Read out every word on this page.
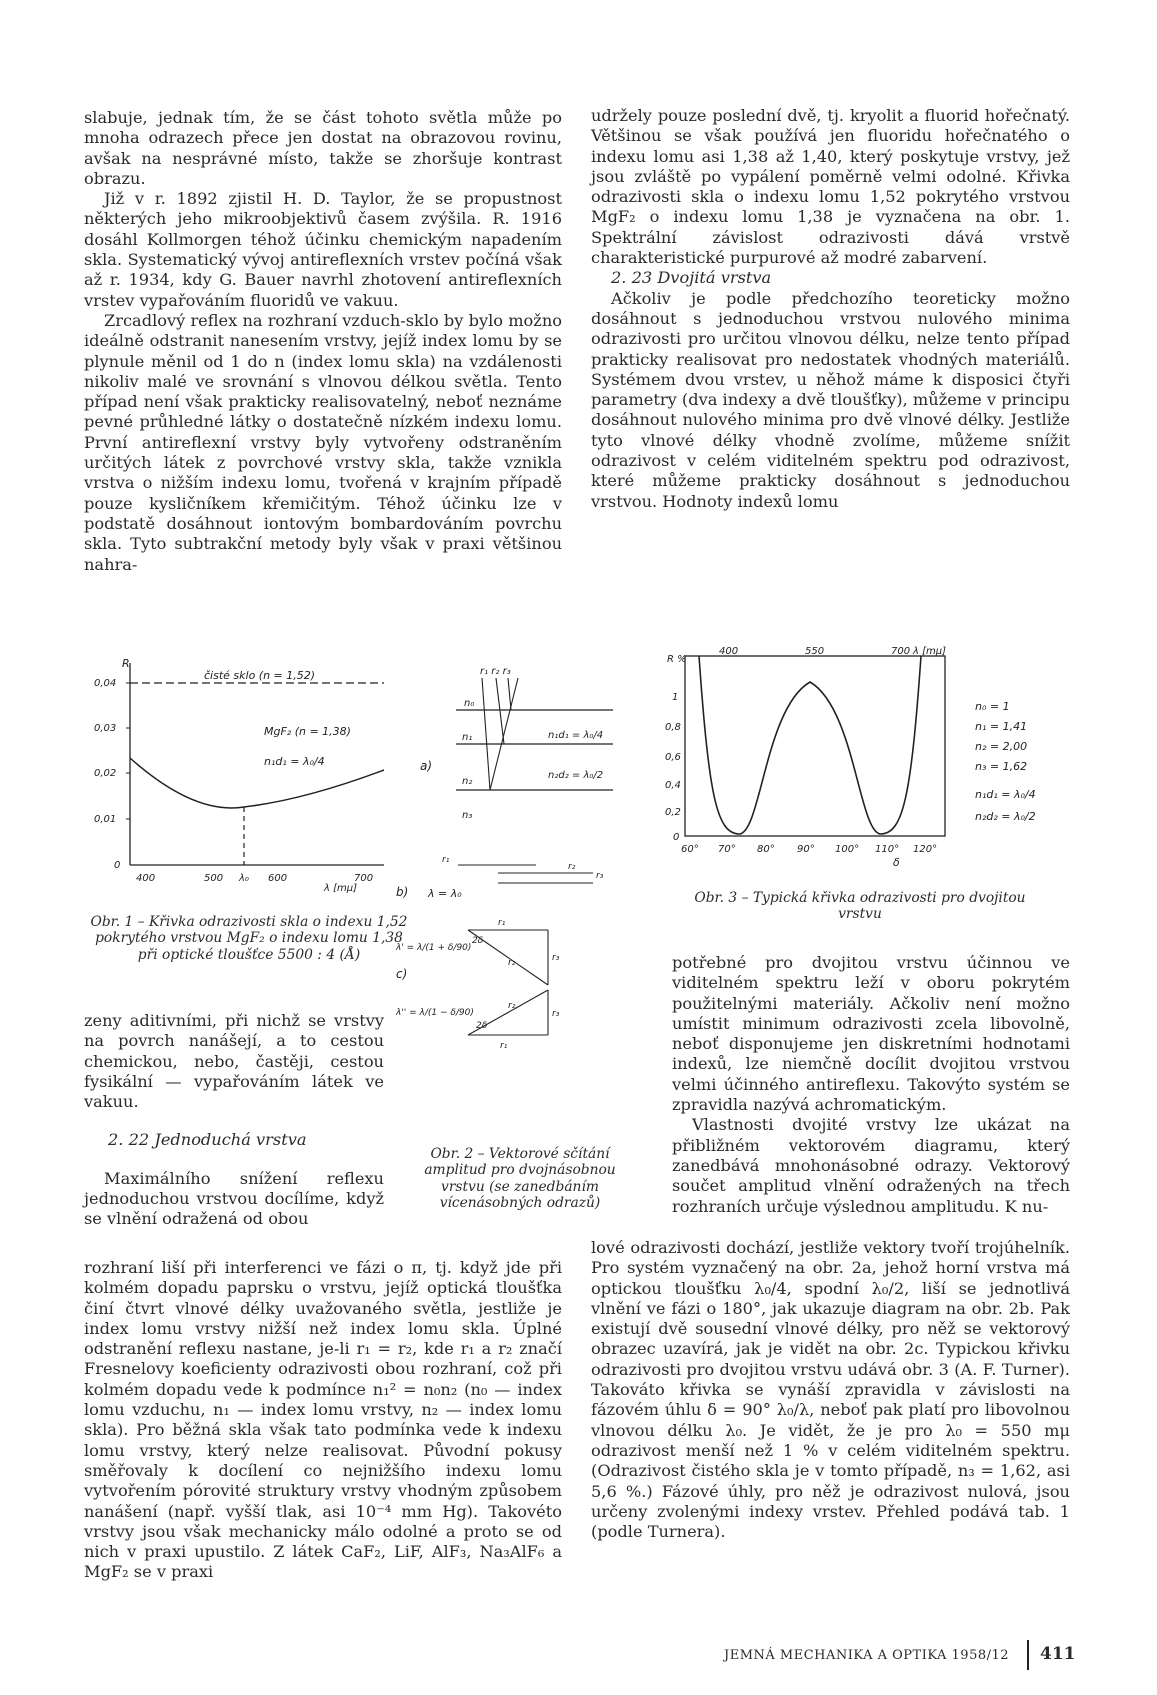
slabuje, jednak tím, že se část tohoto světla může po mnoha odrazech přece jen dostat na obrazovou rovinu, avšak na nesprávné místo, takže se zhoršuje kontrast obrazu.

Již v r. 1892 zjistil H. D. Taylor, že se propustnost některých jeho mikroobjektivů časem zvýšila. R. 1916 dosáhl Kollmorgen téhož účinku chemickým napadením skla. Systematický vývoj antireflexních vrstev počíná však až r. 1934, kdy G. Bauer navrhl zhotovení antireflexních vrstev vypařováním fluoridů ve vakuu.

Zrcadlový reflex na rozhraní vzduch-sklo by bylo možno ideálně odstranit nanesením vrstvy, jejíž index lomu by se plynule měnil od 1 do n (index lomu skla) na vzdálenosti nikoliv malé ve srovnání s vlnovou délkou světla. Tento případ není však prakticky realisovatelný, neboť neznáme pevné průhledné látky o dostatečně nízkém indexu lomu. První antireflexní vrstvy byly vytvořeny odstraněním určitých látek z povrchové vrstvy skla, takže vznikla vrstva o nižším indexu lomu, tvořená v krajním případě pouze kysličníkem křemičitým. Téhož účinku lze v podstatě dosáhnout iontovým bombardováním povrchu skla. Tyto subtrakční metody byly však v praxi většinou nahra-

udržely pouze poslední dvě, tj. kryolit a fluorid hořečnatý. Většinou se však používá jen fluoridu hořečnatého o indexu lomu asi 1,38 až 1,40, který poskytuje vrstvy, jež jsou zvláště po vypálení poměrně velmi odolné. Křivka odrazivosti skla o indexu lomu 1,52 pokrytého vrstvou MgF₂ o indexu lomu 1,38 je vyznačena na obr. 1. Spektrální závislost odrazivosti dává vrstvě charakteristické purpurové až modré zabarvení.

2. 23 Dvojitá vrstva

Ačkoliv je podle předchozího teoreticky možno dosáhnout s jednoduchou vrstvou nulového minima odrazivosti pro určitou vlnovou délku, nelze tento případ prakticky realisovat pro nedostatek vhodných materiálů. Systémem dvou vrstev, u něhož máme k disposici čtyři parametry (dva indexy a dvě tloušťky), můžeme v principu dosáhnout nulového minima pro dvě vlnové délky. Jestliže tyto vlnové délky vhodně zvolíme, můžeme snížit odrazivost v celém viditelném spektru pod odrazivost, které můžeme prakticky dosáhnout s jednoduchou vrstvou. Hodnoty indexů lomu

R
0,04
0,03
0,02
0,01
0
čisté sklo (n = 1,52)
MgF₂ (n = 1,38)
n₁d₁ = λ₀/4
400	500 λ₀ 600	700
λ [mμ]
Obr. 1 – Křivka odrazivosti skla o indexu 1,52 pokrytého vrstvou MgF₂ o indexu lomu 1,38 při optické tloušťce 5500 : 4 (Å)

zeny aditivními, při nichž se vrstvy na povrch nanášejí, a to cestou chemickou, nebo, častěji, cestou fysikální — vypařováním látek ve vakuu.

2. 22 Jednoduchá vrstva

Maximálního snížení reflexu jednoduchou vrstvou docílíme, když se vlnění odražená od obou

r₁ r₂ r₃
n₀
n₁
n₂
n₃
a)
n₁d₁ = λ₀/4
n₂d₂ = λ₀/2
b) λ = λ₀
r₁
r₂
r₃
r₁
r₃
r₂
2δ
λ' = λ/(1 + δ/90)
c)
r₁
r₃
r₂
2δ
λ'' = λ/(1 − δ/90)
Obr. 2 – Vektorové sčítání amplitud pro dvojnásobnou vrstvu (se zanedbáním vícenásobných odrazů)
R %
1
0,8
0,6
0,4
0,2
0
400	550	700 λ [mμ]
60° 70° 80° 90° 100° 110° 120°
δ
n₀ = 1
n₁ = 1,41
n₂ = 2,00
n₃ = 1,62
n₁d₁ = λ₀/4
n₂d₂ = λ₀/2
Obr. 3 – Typická křivka odrazivosti pro dvojitou vrstvu

potřebné pro dvojitou vrstvu účinnou ve viditelném spektru leží v oboru pokrytém použitelnými materiály. Ačkoliv není možno umístit minimum odrazivosti zcela libovolně, neboť disponujeme jen diskretními hodnotami indexů, lze niemčně docílit dvojitou vrstvou velmi účinného antireflexu. Takovýto systém se zpravidla nazývá achromatickým.

Vlastnosti dvojité vrstvy lze ukázat na přibližném vektorovém diagramu, který zanedbává mnohonásobné odrazy. Vektorový součet amplitud vlnění odražených na třech rozhraních určuje výslednou amplitudu. K nu-

rozhraní liší při interferenci ve fázi o π, tj. když jde při kolmém dopadu paprsku o vrstvu, jejíž optická tloušťka činí čtvrt vlnové délky uvažovaného světla, jestliže je index lomu vrstvy nižší než index lomu skla. Úplné odstranění reflexu nastane, je-li r₁ = r₂, kde r₁ a r₂ značí Fresnelovy koeficienty odrazivosti obou rozhraní, což při kolmém dopadu vede k podmínce n₁² = n₀n₂ (n₀ — index lomu vzduchu, n₁ — index lomu vrstvy, n₂ — index lomu skla). Pro běžná skla však tato podmínka vede k indexu lomu vrstvy, který nelze realisovat. Původní pokusy směřovaly k docílení co nejnižšího indexu lomu vytvořením pórovité struktury vrstvy vhodným způsobem nanášení (např. vyšší tlak, asi 10⁻⁴ mm Hg). Takovéto vrstvy jsou však mechanicky málo odolné a proto se od nich v praxi upustilo. Z látek CaF₂, LiF, AlF₃, Na₃AlF₆ a MgF₂ se v praxi

lové odrazivosti dochází, jestliže vektory tvoří trojúhelník. Pro systém vyznačený na obr. 2a, jehož horní vrstva má optickou tloušťku λ₀/4, spodní λ₀/2, liší se jednotlivá vlnění ve fázi o 180°, jak ukazuje diagram na obr. 2b. Pak existují dvě sousední vlnové délky, pro něž se vektorový obrazec uzavírá, jak je vidět na obr. 2c. Typickou křivku odrazivosti pro dvojitou vrstvu udává obr. 3 (A. F. Turner). Takováto křivka se vynáší zpravidla v závislosti na fázovém úhlu δ = 90° λ₀/λ, neboť pak platí pro libovolnou vlnovou délku λ₀. Je vidět, že je pro λ₀ = 550 mμ odrazivost menší než 1 % v celém viditelném spektru. (Odrazivost čistého skla je v tomto případě, n₃ = 1,62, asi 5,6 %.) Fázové úhly, pro něž je odrazivost nulová, jsou určeny zvolenými indexy vrstev. Přehled podává tab. 1 (podle Turnera).

JEMNÁ MECHANIKA A OPTIKA 1958/12 411
